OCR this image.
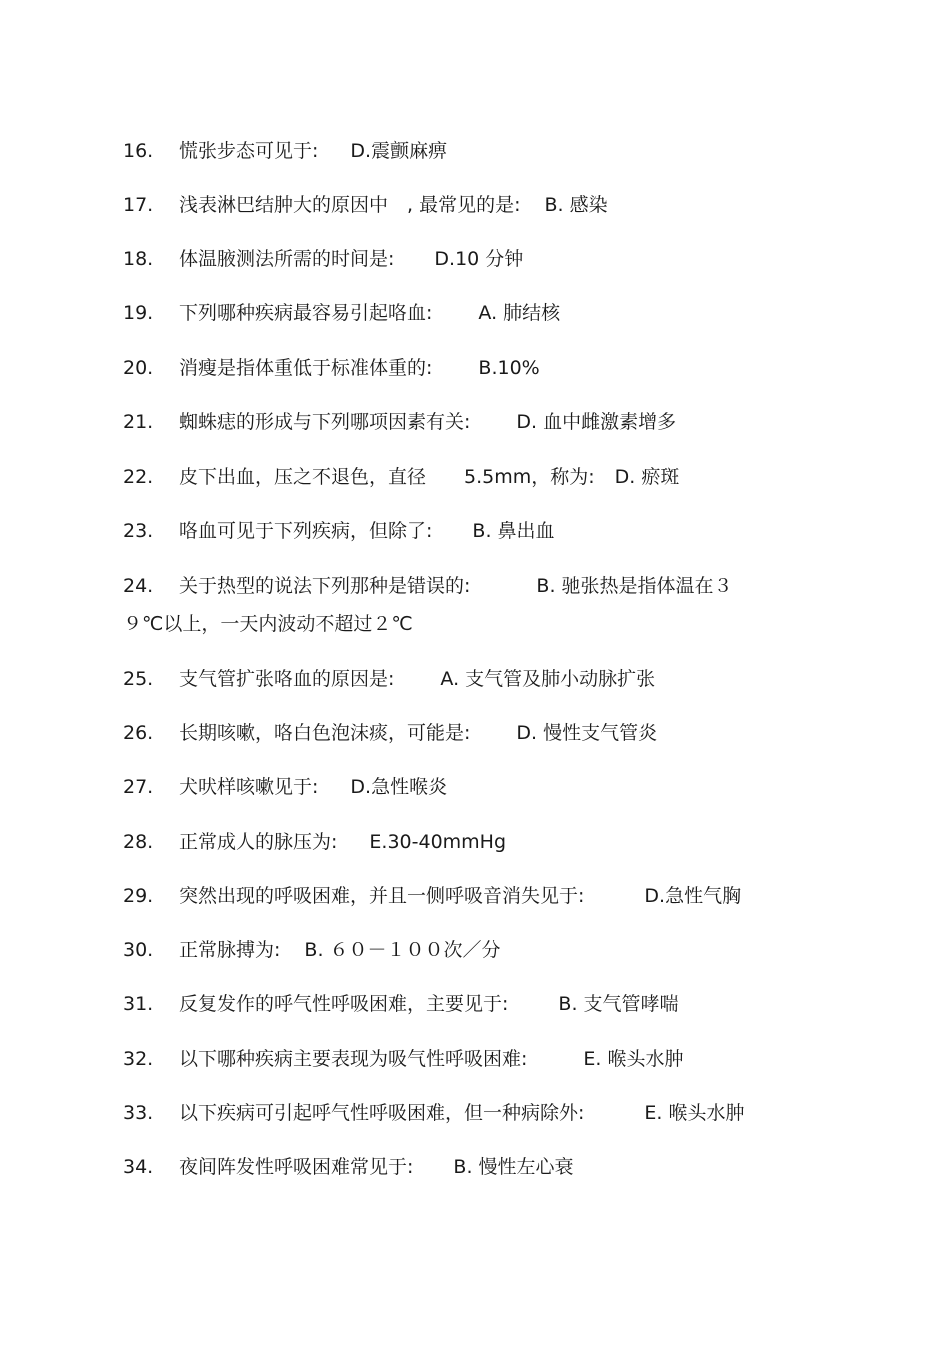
16. 慌张步态可见于: D.震颤麻痹
17. 浅表淋巴结肿大的原因中　, 最常见的是: B. 感染
18. 体温腋测法所需的时间是: D.10 分钟
19. 下列哪种疾病最容易引起咯血: A. 肺结核
20. 消瘦是指体重低于标准体重的: B.10%
21. 蜘蛛痣的形成与下列哪项因素有关: D. 血中雌激素增多
22. 皮下出血，压之不退色，直径　　5.5mm，称为: D. 瘀斑
23. 咯血可见于下列疾病，但除了: B. 鼻出血
24. 关于热型的说法下列那种是错误的:	B. 驰张热是指体温在３
９℃以上，一天内波动不超过２℃
25. 支气管扩张咯血的原因是: A. 支气管及肺小动脉扩张
26. 长期咳嗽，咯白色泡沫痰，可能是: D. 慢性支气管炎
27. 犬吠样咳嗽见于: D.急性喉炎
28. 正常成人的脉压为: E.30-40mmHg
29. 突然出现的呼吸困难，并且一侧呼吸音消失见于:	D.急性气胸
30. 正常脉搏为: B. ６０－１００次／分
31. 反复发作的呼气性呼吸困难，主要见于:	B. 支气管哮喘
32. 以下哪种疾病主要表现为吸气性呼吸困难:	E. 喉头水肿
33. 以下疾病可引起呼气性呼吸困难，但一种病除外:	E. 喉头水肿
34. 夜间阵发性呼吸困难常见于: B. 慢性左心衰
